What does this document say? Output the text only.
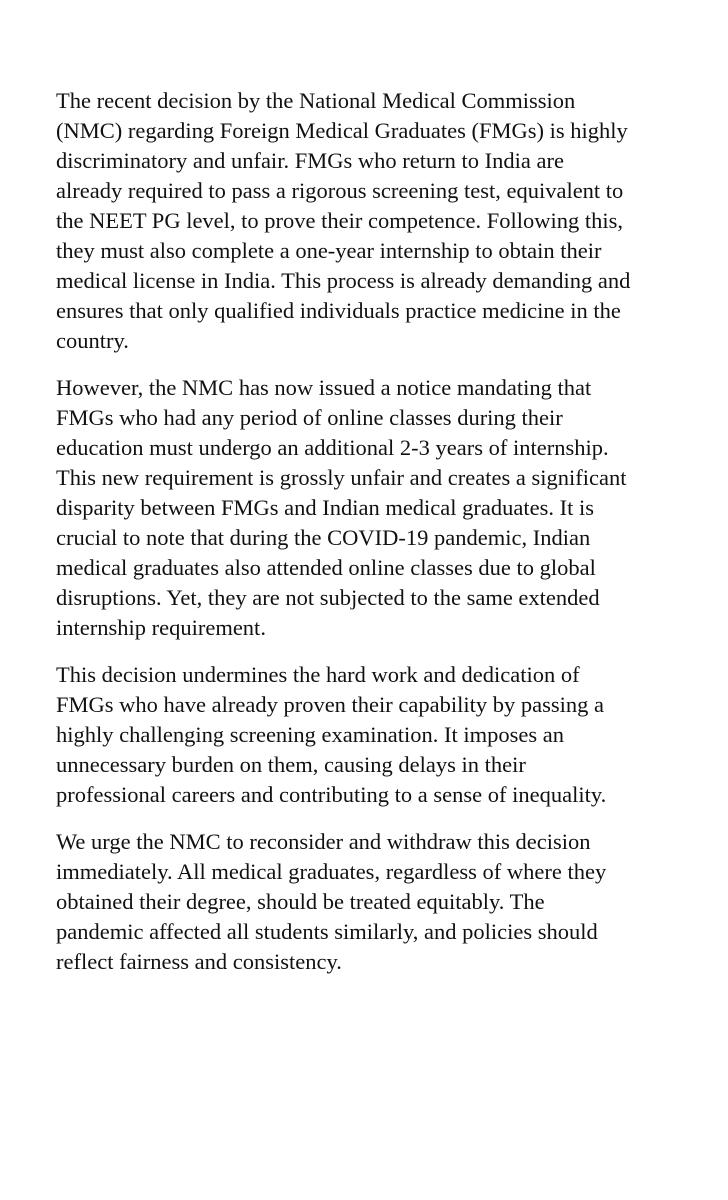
The recent decision by the National Medical Commission
(NMC) regarding Foreign Medical Graduates (FMGs) is highly
discriminatory and unfair. FMGs who return to India are
already required to pass a rigorous screening test, equivalent to
the NEET PG level, to prove their competence. Following this,
they must also complete a one-year internship to obtain their
medical license in India. This process is already demanding and
ensures that only qualified individuals practice medicine in the
country.

However, the NMC has now issued a notice mandating that
FMGs who had any period of online classes during their
education must undergo an additional 2-3 years of internship.
This new requirement is grossly unfair and creates a significant
disparity between FMGs and Indian medical graduates. It is
crucial to note that during the COVID-19 pandemic, Indian
medical graduates also attended online classes due to global
disruptions. Yet, they are not subjected to the same extended
internship requirement.

This decision undermines the hard work and dedication of
FMGs who have already proven their capability by passing a
highly challenging screening examination. It imposes an
unnecessary burden on them, causing delays in their
professional careers and contributing to a sense of inequality.

We urge the NMC to reconsider and withdraw this decision
immediately. All medical graduates, regardless of where they
obtained their degree, should be treated equitably. The
pandemic affected all students similarly, and policies should
reflect fairness and consistency.
